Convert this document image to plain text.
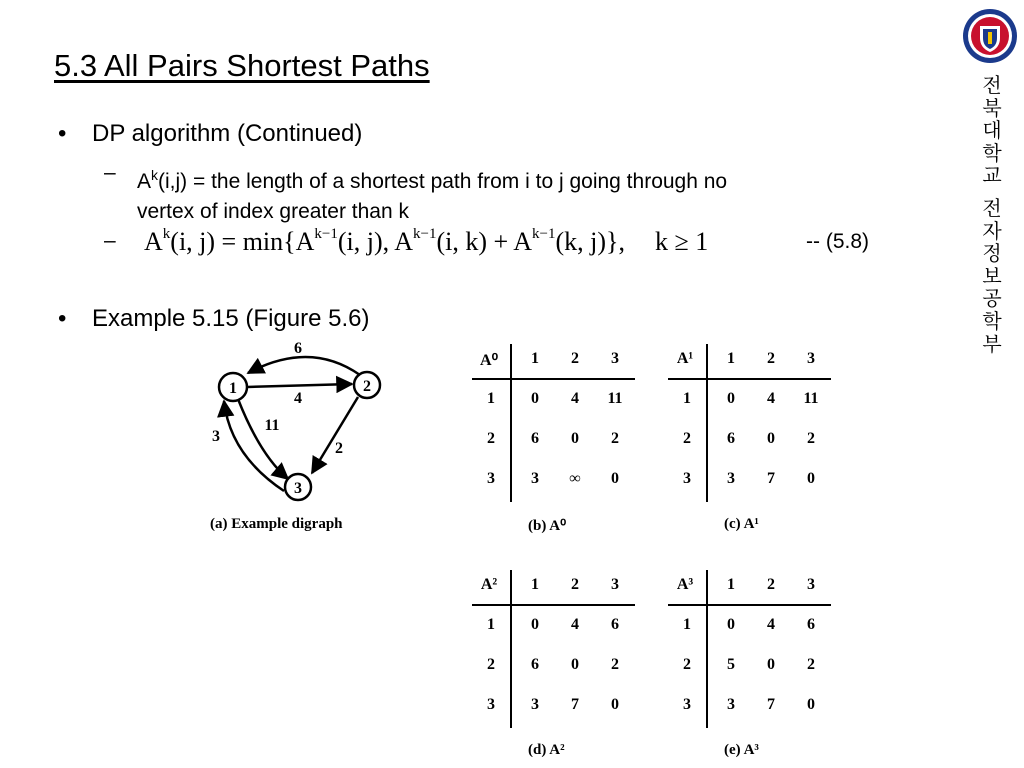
5.3 All Pairs Shortest Paths
• DP algorithm (Continued)
– $A^k(i,j)$ = the length of a shortest path from i to j going through no
vertex of index greater than k
– $A^k(i$, $j) = \min\{A^{k-1}(i$, j), $A^{k-1}(i$, $k) + A^{k-1}(k$, j)}, k ≥ 1	-- (5.8)
• Example 5.15 (Figure 5.6)
전
북
대
학
교
전
자
정
보
공
학
부
1	2
3
6
4
11
3
2
(a) Example digraph
A⁰	1	2	3
1	0	4	11
2	6	0	2
3	3	∞	0
(b) A⁰
A¹	1	2	3
1	0	4	11
2	6	0	2
3	3	7	0
(c) A¹
A²	1	2	3
1	0	4	6
2	6	0	2
3	3	7	0
(d) A²
A³	1	2	3
1	0	4	6
2	5	0	2
3	3	7	0
(e) A³
